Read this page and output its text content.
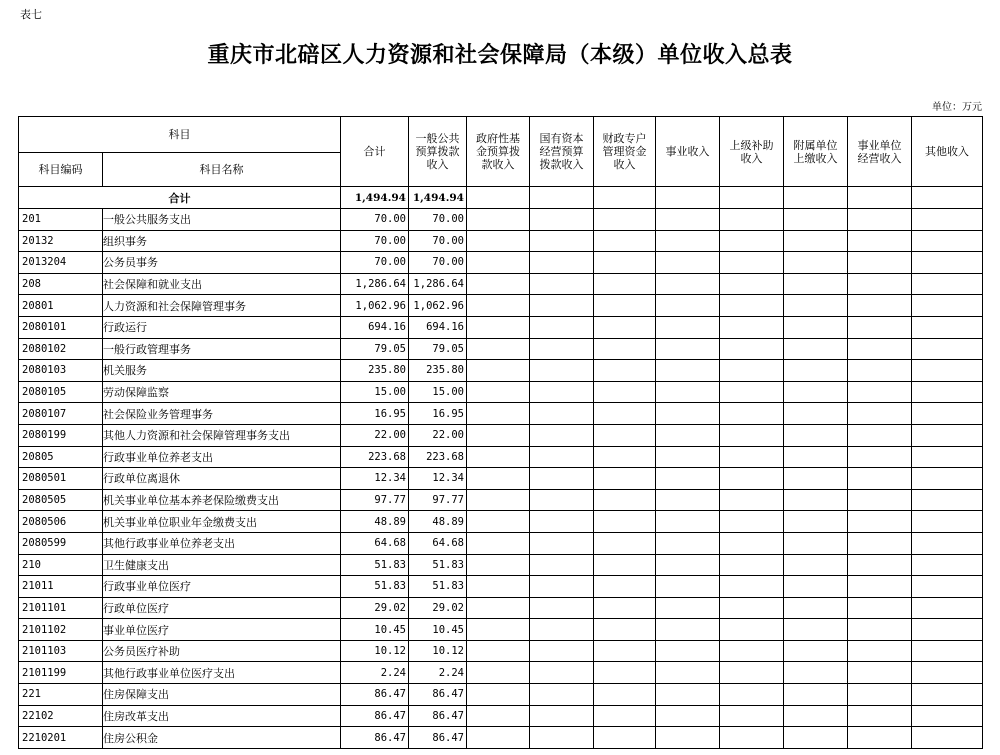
表七
重庆市北碚区人力资源和社会保障局（本级）单位收入总表
单位：万元
科目		合计	一般公共预算拨款收入	政府性基金预算拨款收入	国有资本经营预算拨款收入	财政专户管理资金收入	事业收入	上级补助收入	附属单位上缴收入	事业单位经营收入	其他收入
科目编码	科目名称										
合计		1,494.94	1,494.94								
201	一般公共服务支出	70.00	70.00								
20132	组织事务	70.00	70.00								
2013204	公务员事务	70.00	70.00								
208	社会保障和就业支出	1,286.64	1,286.64								
20801	人力资源和社会保障管理事务	1,062.96	1,062.96								
2080101	行政运行	694.16	694.16								
2080102	一般行政管理事务	79.05	79.05								
2080103	机关服务	235.80	235.80								
2080105	劳动保障监察	15.00	15.00								
2080107	社会保险业务管理事务	16.95	16.95								
2080199	其他人力资源和社会保障管理事务支出	22.00	22.00								
20805	行政事业单位养老支出	223.68	223.68								
2080501	行政单位离退休	12.34	12.34								
2080505	机关事业单位基本养老保险缴费支出	97.77	97.77								
2080506	机关事业单位职业年金缴费支出	48.89	48.89								
2080599	其他行政事业单位养老支出	64.68	64.68								
210	卫生健康支出	51.83	51.83								
21011	行政事业单位医疗	51.83	51.83								
2101101	行政单位医疗	29.02	29.02								
2101102	事业单位医疗	10.45	10.45								
2101103	公务员医疗补助	10.12	10.12								
2101199	其他行政事业单位医疗支出	2.24	2.24								
221	住房保障支出	86.47	86.47								
22102	住房改革支出	86.47	86.47								
2210201	住房公积金	86.47	86.47								
